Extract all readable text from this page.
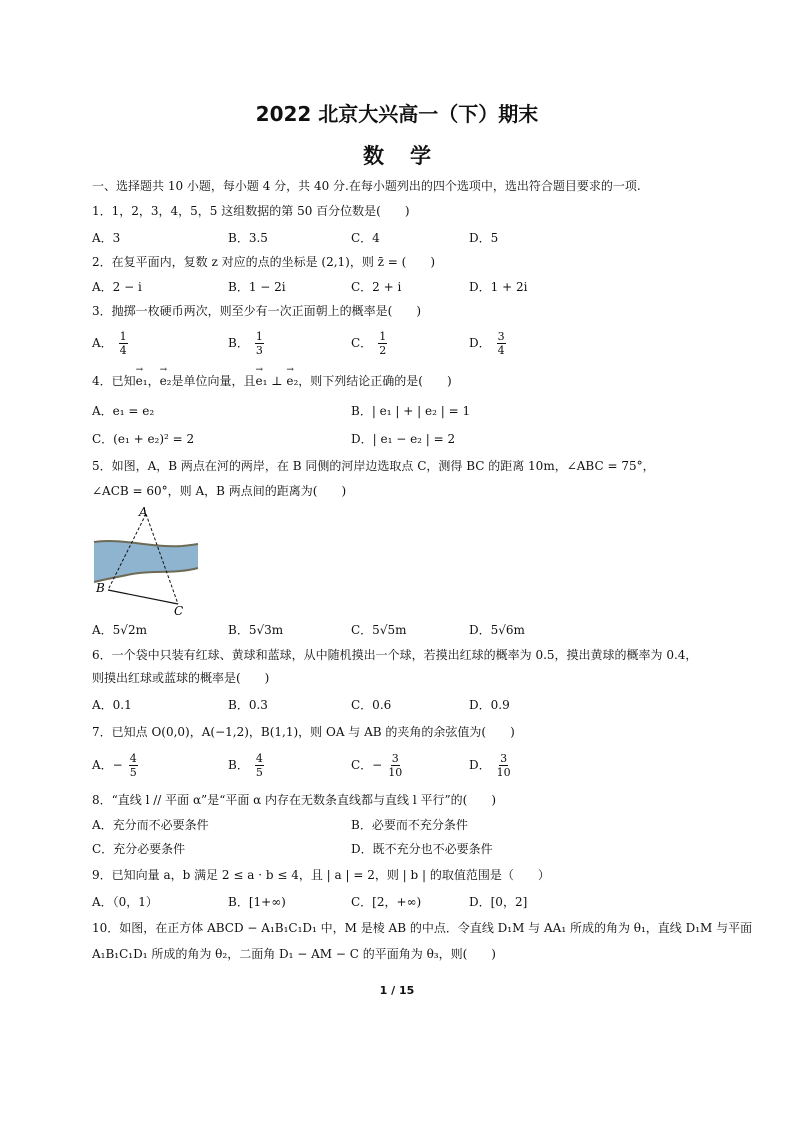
2022 北京大兴高一（下）期末
数学
一、选择题共 10 小题，每小题 4 分，共 40 分.在每小题列出的四个选项中，选出符合题目要求的一项.
1．1，2，3，4，5，5 这组数据的第 50 百分位数是(　　)
A．3	B．3.5	C．4	D．5
2．在复平面内，复数 z 对应的点的坐标是 (2,1)，则 z̄ = (　　)
A．2 − i	B．1 − 2i	C．2 + i	D．1 + 2i
3．抛掷一枚硬币两次，则至少有一次正面朝上的概率是(　　)
A． $\frac{1}{4}$	B． $\frac{1}{3}$	C． $\frac{1}{2}$	D． $\frac{3}{4}$
4．已知→ e₁，→ e₂是单位向量，且→ e₁ ⊥ → e₂，则下列结论正确的是(　　)
A．e₁ = e₂	B．| e₁ | + | e₂ | = 1
C．(e₁ + e₂)² = 2	D．| e₁ − e₂ | = 2
5．如图，A，B 两点在河的两岸，在 B 同侧的河岸边选取点 C，测得 BC 的距离 10m，∠ABC = 75°，
∠ACB = 60°，则 A，B 两点间的距离为(　　)
A
B
C
A．5√2m	B．5√3m	C．5√5m	D．5√6m
6．一个袋中只装有红球、黄球和蓝球，从中随机摸出一个球，若摸出红球的概率为 0.5，摸出黄球的概率为 0.4，
则摸出红球或蓝球的概率是(　　)
A．0.1	B．0.3	C．0.6	D．0.9
7．已知点 O(0,0)，A(−1,2)，B(1,1)，则 OA 与 AB 的夹角的余弦值为(　　)
A．− $\frac{4}{5}$	B． $\frac{4}{5}$	C．− $\frac{3}{10}$	D． $\frac{3}{10}$
8．“直线 l // 平面 α”是“平面 α 内存在无数条直线都与直线 l 平行”的(　　)
A．充分而不必要条件	B．必要而不充分条件
C．充分必要条件	D．既不充分也不必要条件
9．已知向量 a，b 满足 2 ≤ a · b ≤ 4，且 | a | = 2，则 | b | 的取值范围是（　　）
A．（0，1）	B．[1+∞)	C．[2，+∞)	D．[0，2]
10．如图，在正方体 ABCD − A₁B₁C₁D₁ 中，M 是棱 AB 的中点．令直线 D₁M 与 AA₁ 所成的角为 θ₁，直线 D₁M 与平面
A₁B₁C₁D₁ 所成的角为 θ₂，二面角 D₁ − AM − C 的平面角为 θ₃，则(　　)
1 / 15
